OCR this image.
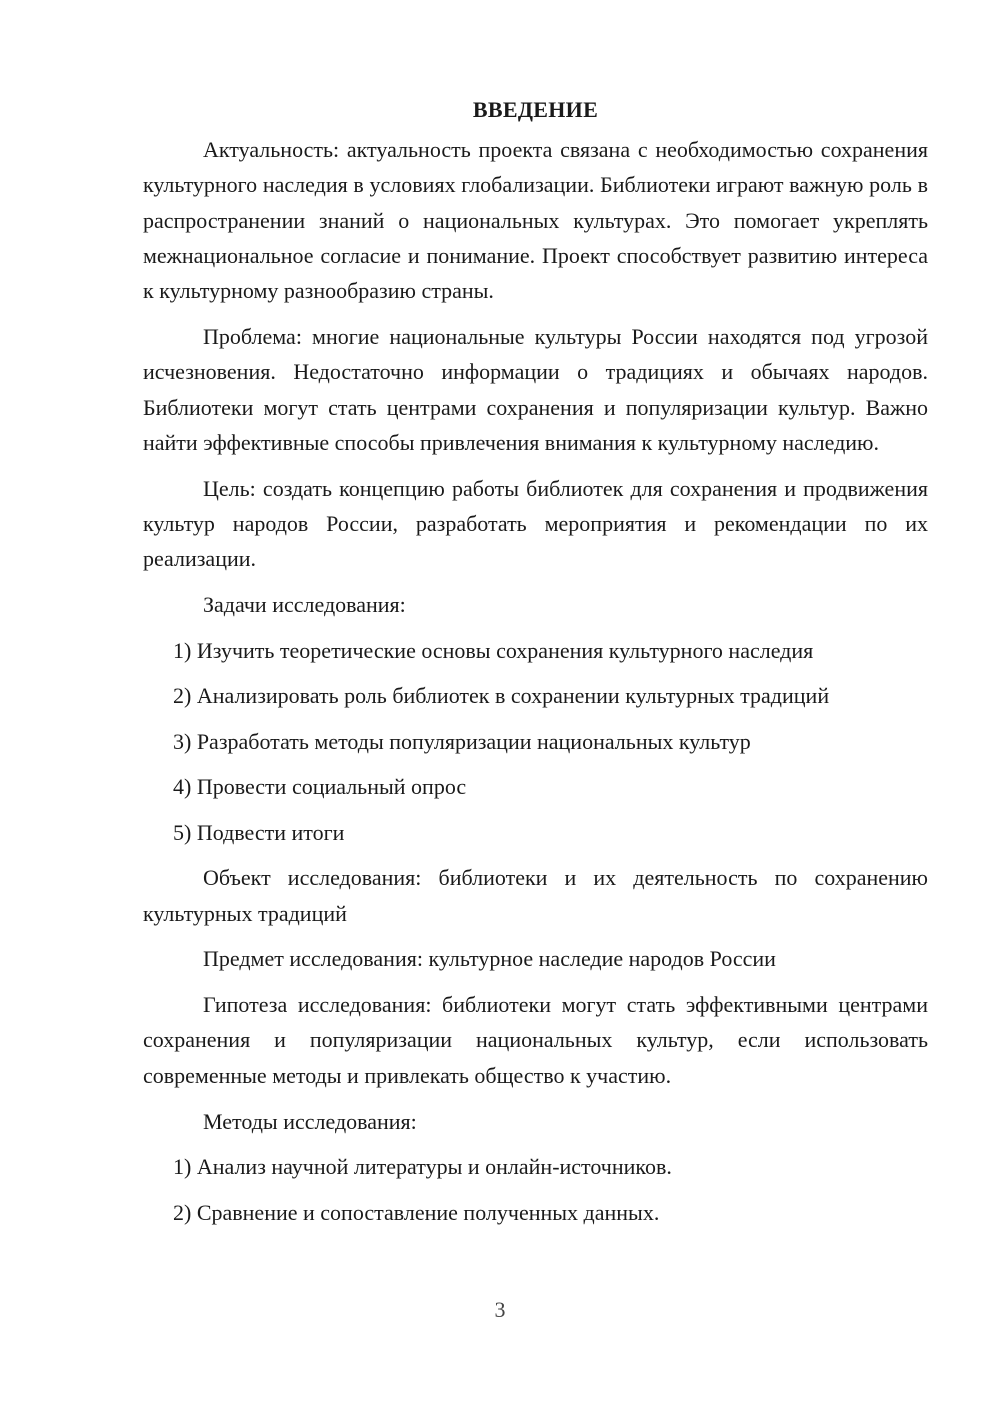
ВВЕДЕНИЕ

Актуальность: актуальность проекта связана с необходимостью сохранения культурного наследия в условиях глобализации. Библиотеки играют важную роль в распространении знаний о национальных культурах. Это помогает укреплять межнациональное согласие и понимание. Проект способствует развитию интереса к культурному разнообразию страны.

Проблема: многие национальные культуры России находятся под угрозой исчезновения. Недостаточно информации о традициях и обычаях народов. Библиотеки могут стать центрами сохранения и популяризации культур. Важно найти эффективные способы привлечения внимания к культурному наследию.

Цель: создать концепцию работы библиотек для сохранения и продвижения культур народов России, разработать мероприятия и рекомендации по их реализации.

Задачи исследования:

1) Изучить теоретические основы сохранения культурного наследия
2) Анализировать роль библиотек в сохранении культурных традиций
3) Разработать методы популяризации национальных культур
4) Провести социальный опрос
5) Подвести итоги

Объект исследования: библиотеки и их деятельность по сохранению культурных традиций

Предмет исследования: культурное наследие народов России

Гипотеза исследования: библиотеки могут стать эффективными центрами сохранения и популяризации национальных культур, если использовать современные методы и привлекать общество к участию.

Методы исследования:

1) Анализ научной литературы и онлайн-источников.
2) Сравнение и сопоставление полученных данных.
3
